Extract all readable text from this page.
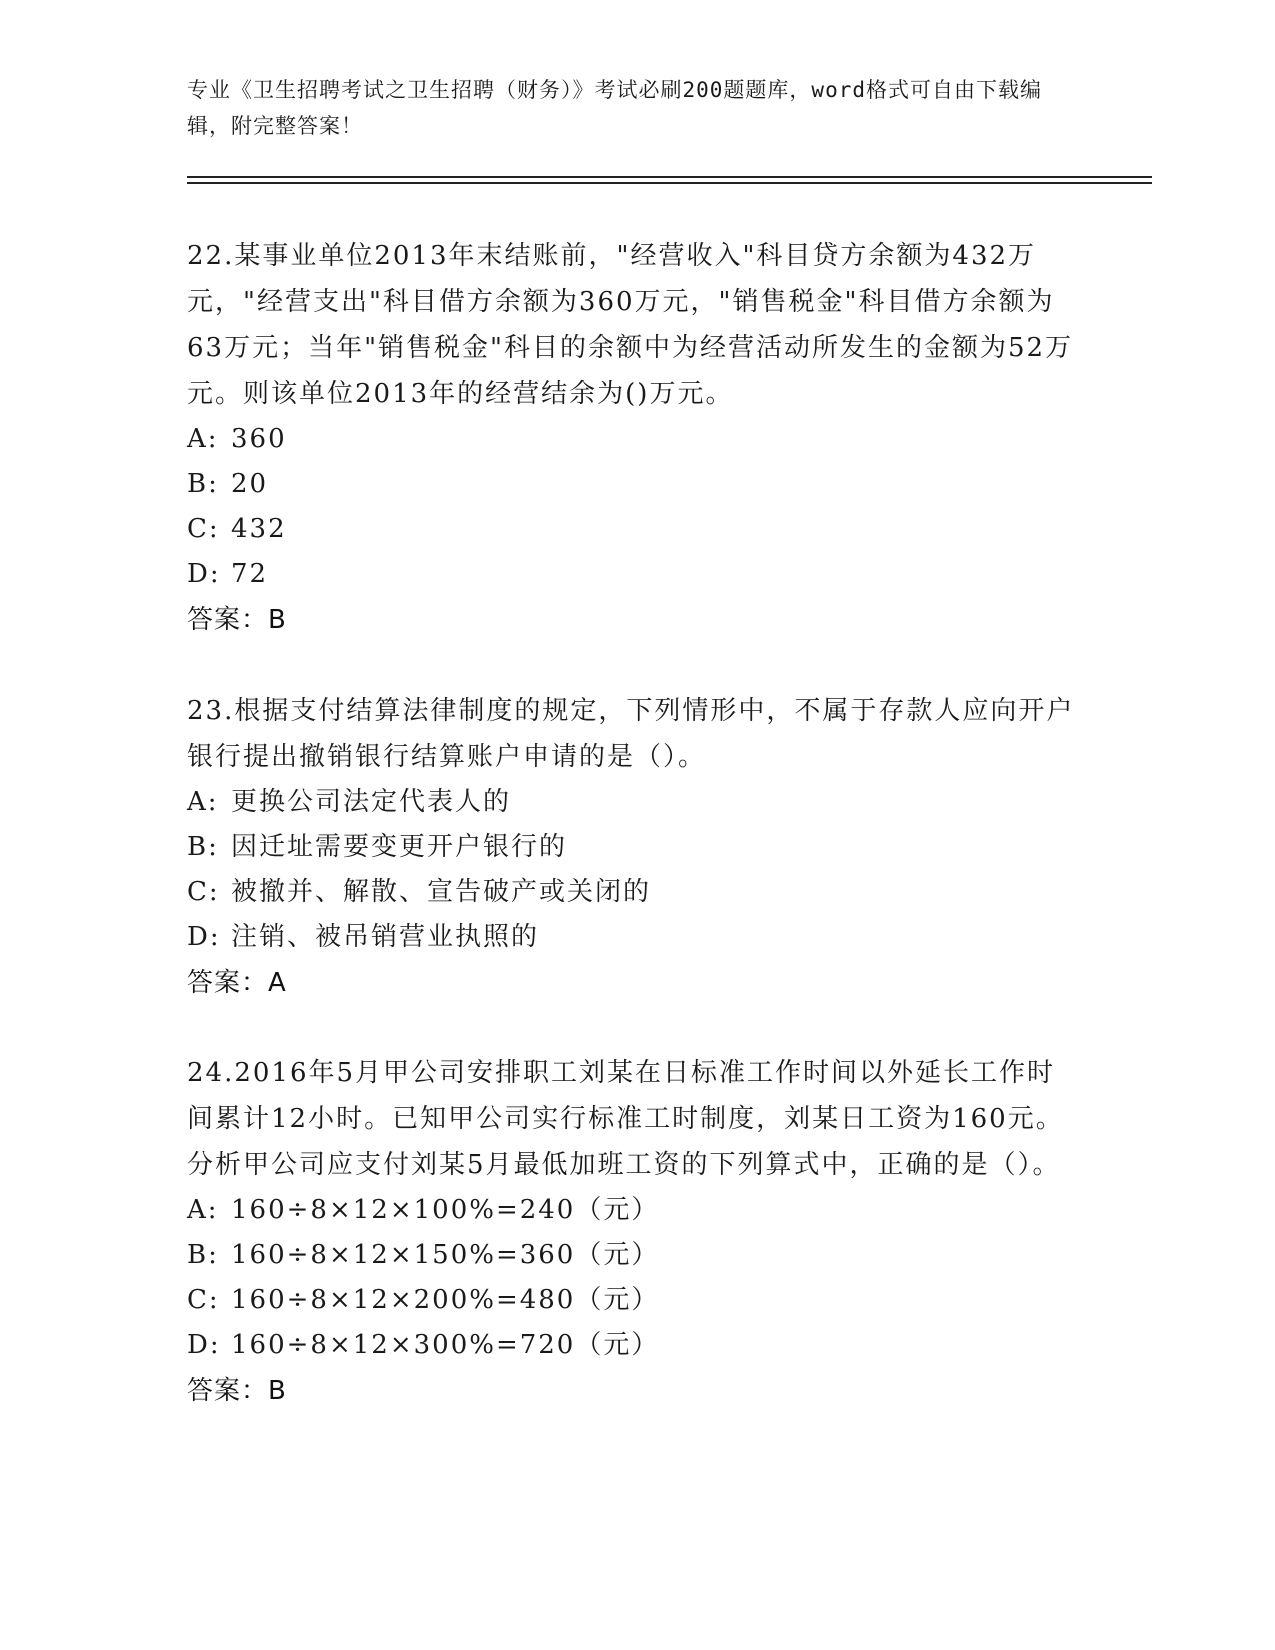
专业《卫生招聘考试之卫生招聘（财务）》考试必刷200题题库，word格式可自由下载编辑，附完整答案！

22.某事业单位2013年末结账前，"经营收入"科目贷方余额为432万元，"经营支出"科目借方余额为360万元，"销售税金"科目借方余额为63万元；当年"销售税金"科目的余额中为经营活动所发生的金额为52万元。则该单位2013年的经营结余为()万元。

A: 360

B: 20

C: 432

D: 72

答案：B

23.根据支付结算法律制度的规定，下列情形中，不属于存款人应向开户银行提出撤销银行结算账户申请的是（）。

A: 更换公司法定代表人的

B: 因迁址需要变更开户银行的

C: 被撤并、解散、宣告破产或关闭的

D: 注销、被吊销营业执照的

答案：A

24.2016年5月甲公司安排职工刘某在日标准工作时间以外延长工作时间累计12小时。已知甲公司实行标准工时制度，刘某日工资为160元。分析甲公司应支付刘某5月最低加班工资的下列算式中，正确的是（）。

A: 160÷8×12×100%=240（元）

B: 160÷8×12×150%=360（元）

C: 160÷8×12×200%=480（元）

D: 160÷8×12×300%=720（元）

答案：B
